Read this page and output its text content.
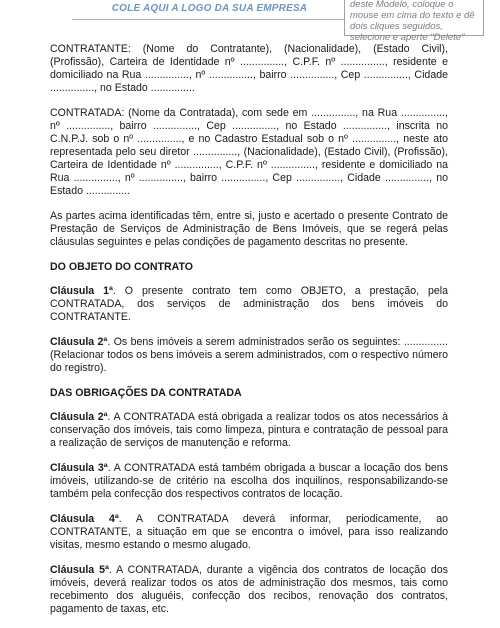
COLE AQUI A LOGO DA SUA EMPRESA	deste Modelo, coloque o mouse em cima do texto e dê dois cliques seguidos, selecione e aperte "Delete"

CONTRATANTE: (Nome do Contratante), (Nacionalidade), (Estado Civil), (Profissão), Carteira de Identidade nº ..............., C.P.F. nº ..............., residente e domiciliado na Rua ..............., nº ..............., bairro ..............., Cep ..............., Cidade ..............., no Estado ...............

CONTRATADA: (Nome da Contratada), com sede em ..............., na Rua ..............., nº ..............., bairro ..............., Cep ..............., no Estado ..............., inscrita no C.N.P.J. sob o nº ..............., e no Cadastro Estadual sob o nº ..............., neste ato representada pelo seu diretor ..............., (Nacionalidade), (Estado Civil), (Profissão), Carteira de Identidade nº ..............., C.P.F. nº ..............., residente e domiciliado na Rua ..............., nº ..............., bairro ..............., Cep ..............., Cidade ..............., no Estado ...............

As partes acima identificadas têm, entre si, justo e acertado o presente Contrato de Prestação de Serviços de Administração de Bens Imóveis, que se regerá pelas cláusulas seguintes e pelas condições de pagamento descritas no presente.

DO OBJETO DO CONTRATO

Cláusula 1ª. O presente contrato tem como OBJETO, a prestação, pela CONTRATADA, dos serviços de administração dos bens imóveis do CONTRATANTE.

Cláusula 2ª. Os bens imóveis a serem administrados serão os seguintes: ............... (Relacionar todos os bens imóveis a serem administrados, com o respectivo número do registro).

DAS OBRIGAÇÕES DA CONTRATADA

Cláusula 2ª. A CONTRATADA está obrigada a realizar todos os atos necessários à conservação dos imóveis, tais como limpeza, pintura e contratação de pessoal para a realização de serviços de manutenção e reforma.

Cláusula 3ª. A CONTRATADA está também obrigada a buscar a locação dos bens imóveis, utilizando-se de critério na escolha dos inquilinos, responsabilizando-se também pela confecção dos respectivos contratos de locação.

Cláusula 4ª. A CONTRATADA deverá informar, periodicamente, ao CONTRATANTE, a situação em que se encontra o imóvel, para isso realizando visitas, mesmo estando o mesmo alugado.

Cláusula 5ª. A CONTRATADA, durante a vigência dos contratos de locação dos imóveis, deverá realizar todos os atos de administração dos mesmos, tais como recebimento dos aluguéis, confecção dos recibos, renovação dos contratos, pagamento de taxas, etc.
